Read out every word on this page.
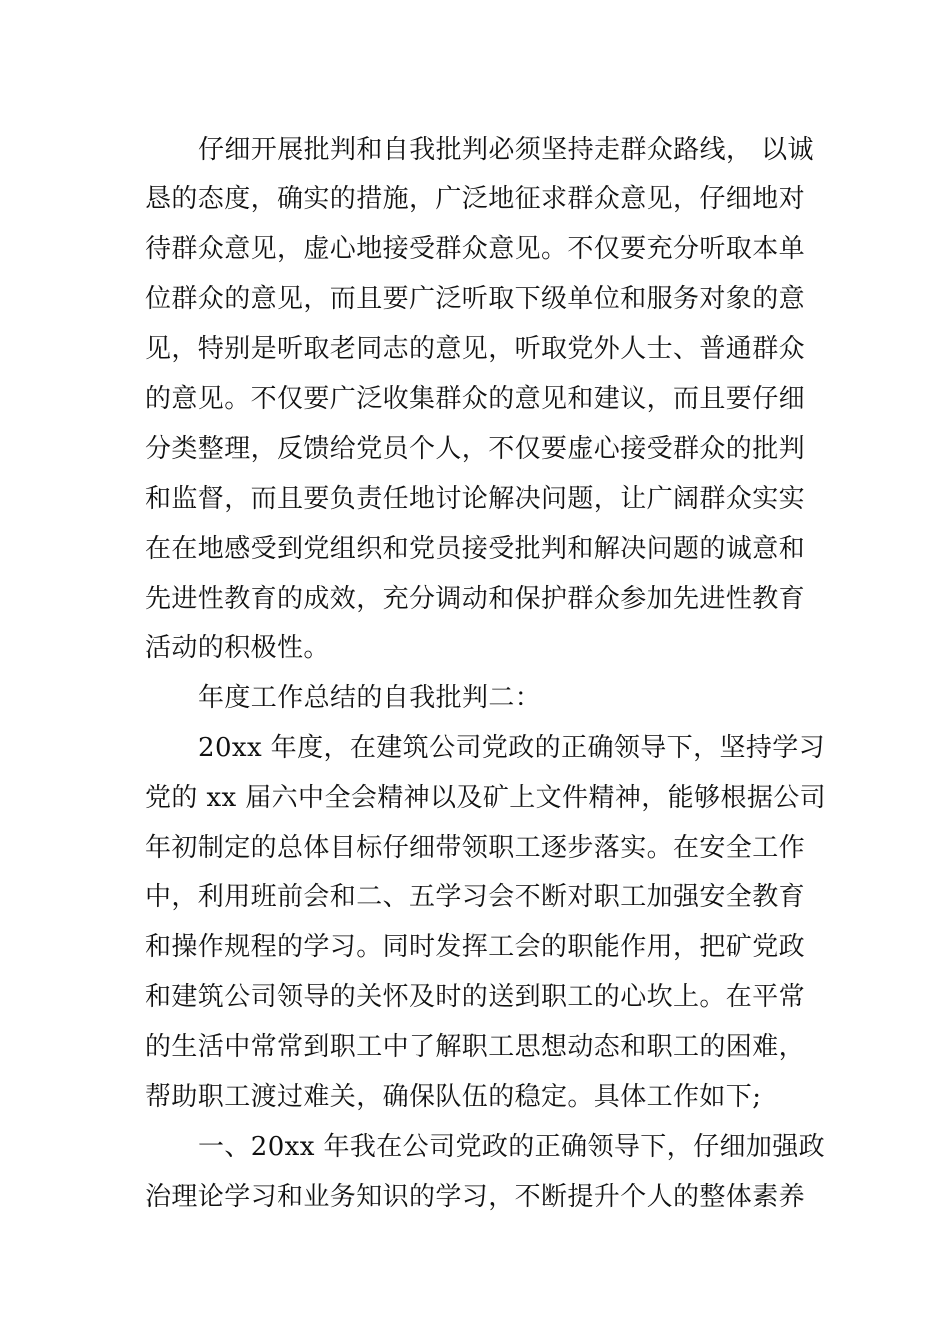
仔细开展批判和自我批判必须坚持走群众路线， 以诚
恳的态度，确实的措施，广泛地征求群众意见，仔细地对
待群众意见，虚心地接受群众意见。不仅要充分听取本单
位群众的意见，而且要广泛听取下级单位和服务对象的意
见，特别是听取老同志的意见，听取党外人士、普通群众
的意见。不仅要广泛收集群众的意见和建议，而且要仔细
分类整理，反馈给党员个人，不仅要虚心接受群众的批判
和监督，而且要负责任地讨论解决问题，让广阔群众实实
在在地感受到党组织和党员接受批判和解决问题的诚意和
先进性教育的成效，充分调动和保护群众参加先进性教育
活动的积极性。
年度工作总结的自我批判二：
20xx 年度，在建筑公司党政的正确领导下，坚持学习
党的 xx 届六中全会精神以及矿上文件精神，能够根据公司
年初制定的总体目标仔细带领职工逐步落实。在安全工作
中，利用班前会和二、五学习会不断对职工加强安全教育
和操作规程的学习。同时发挥工会的职能作用，把矿党政
和建筑公司领导的关怀及时的送到职工的心坎上。在平常
的生活中常常到职工中了解职工思想动态和职工的困难，
帮助职工渡过难关，确保队伍的稳定。具体工作如下;
一、20xx 年我在公司党政的正确领导下，仔细加强政
治理论学习和业务知识的学习，不断提升个人的整体素养
